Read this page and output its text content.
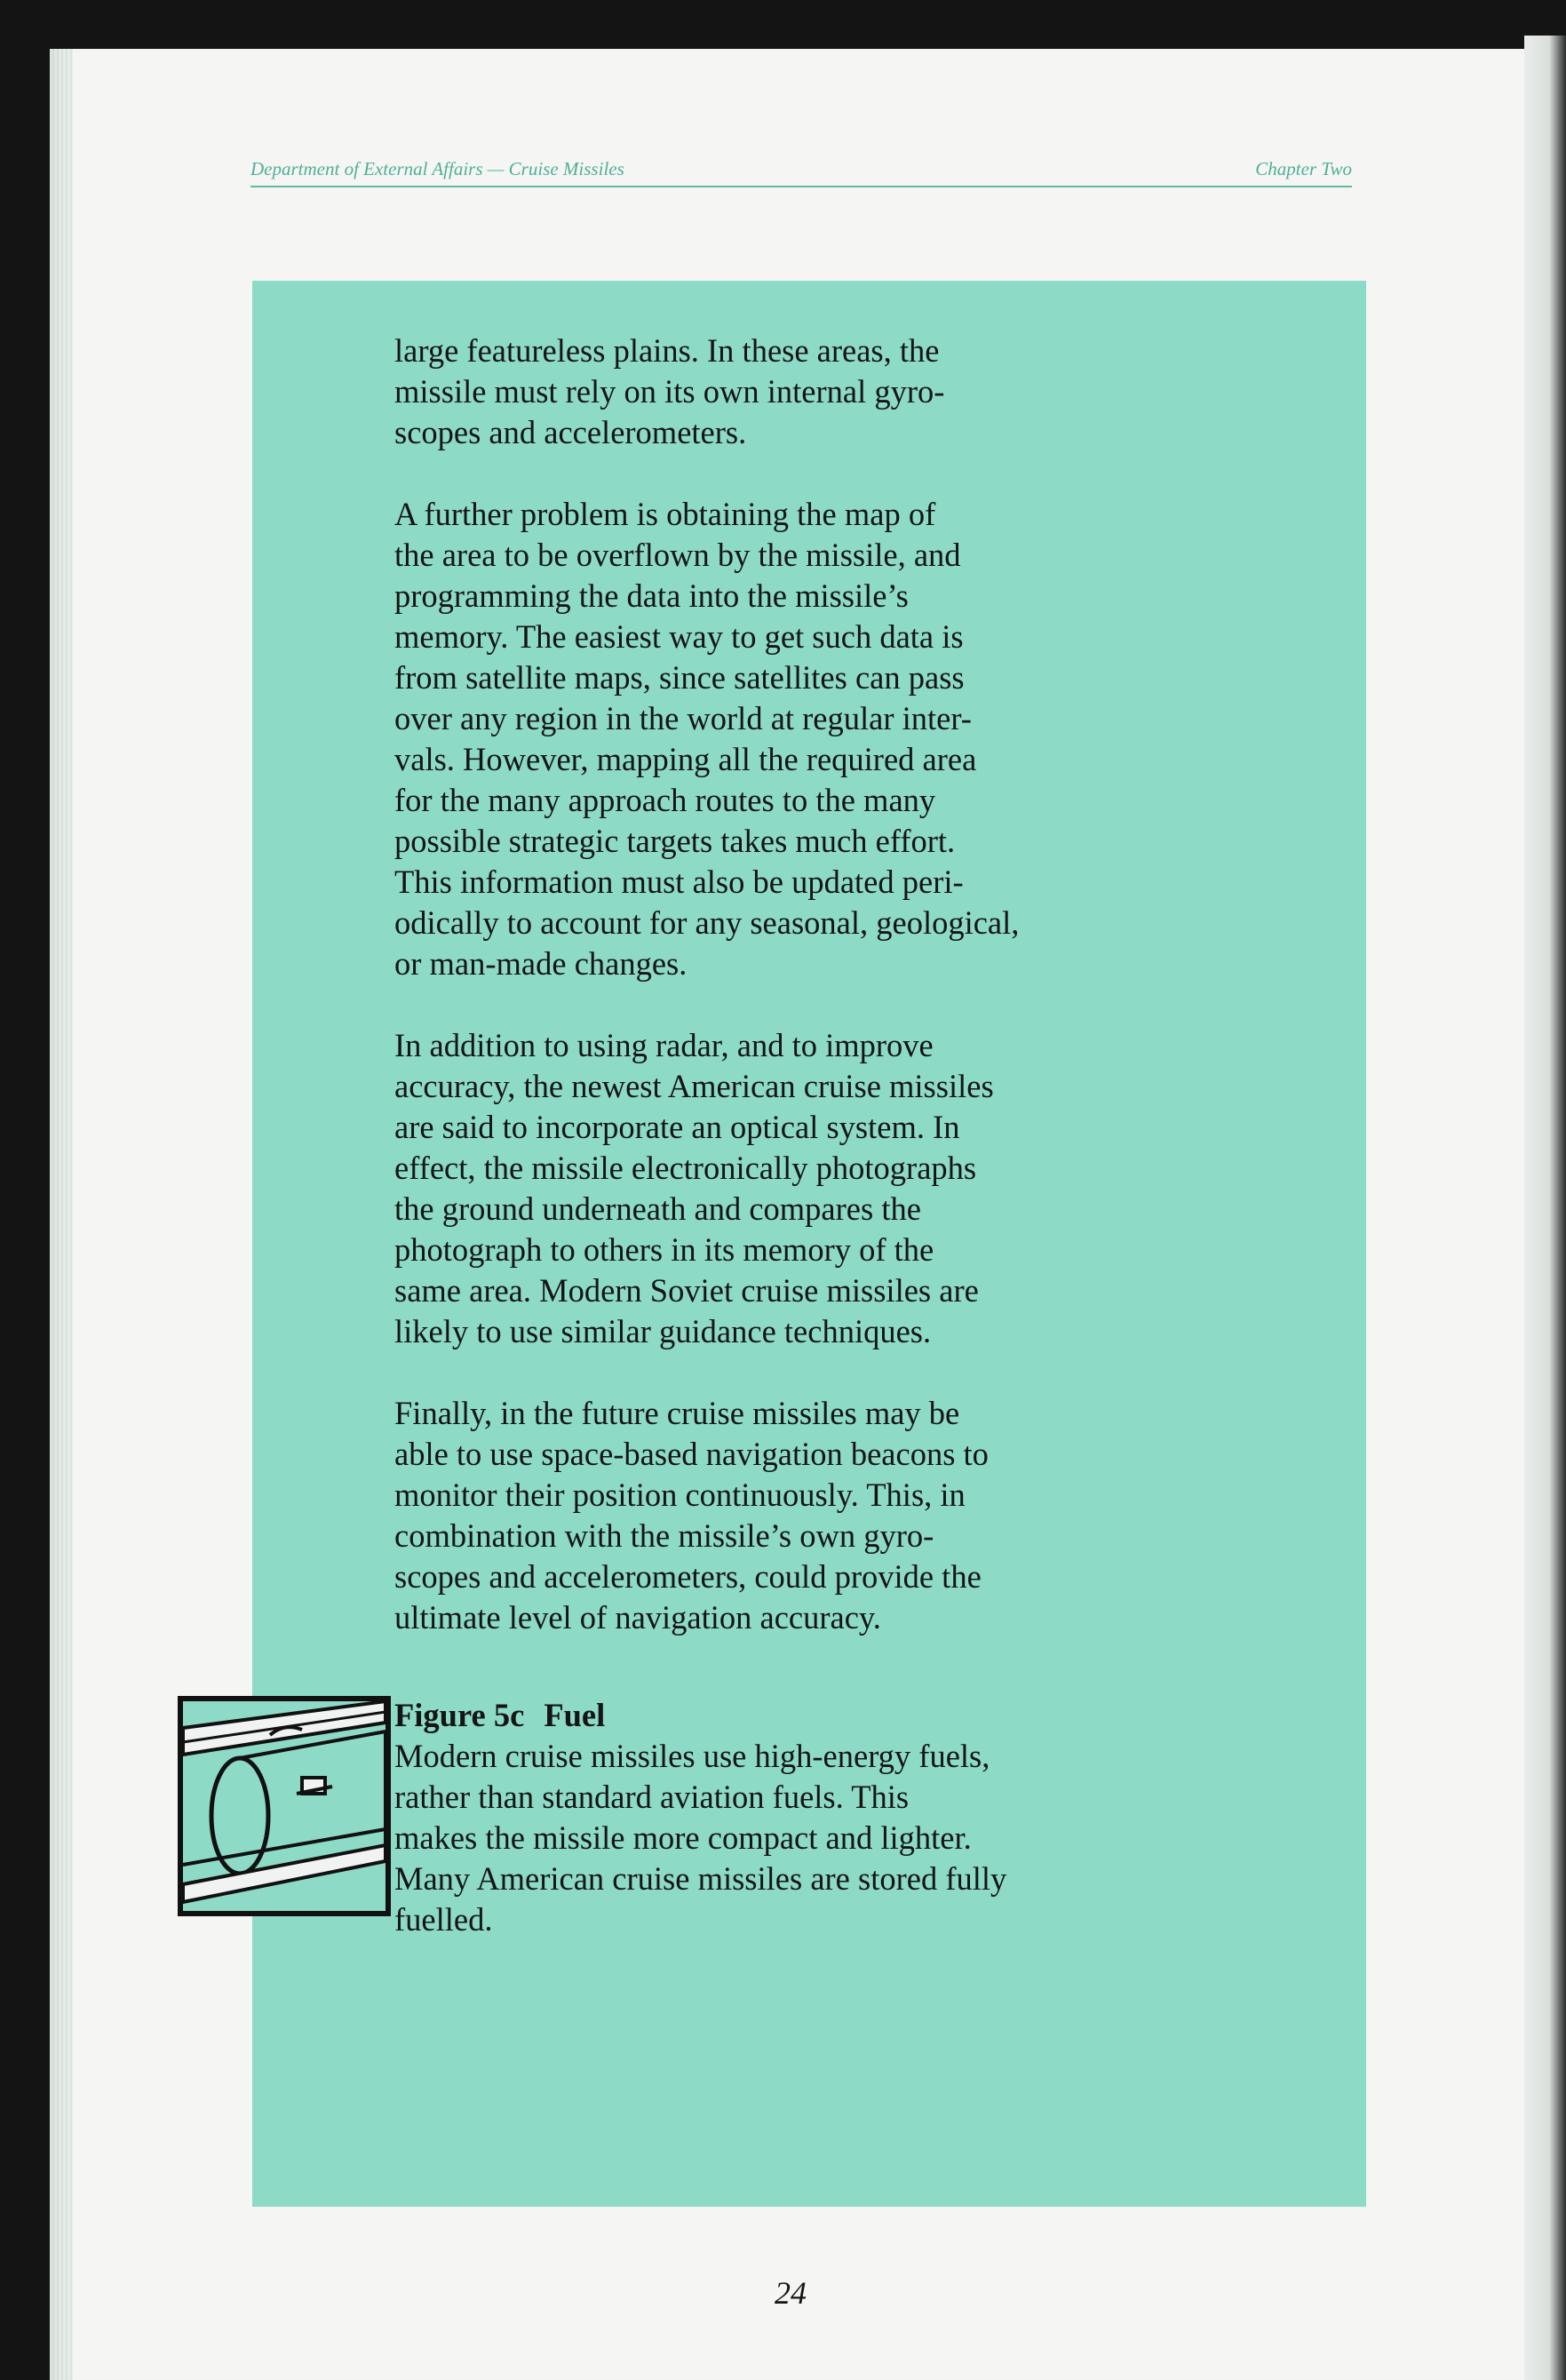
Department of External Affairs — Cruise Missiles	Chapter Two

large featureless plains. In these areas, the
missile must rely on its own internal gyro-
scopes and accelerometers.

A further problem is obtaining the map of
the area to be overflown by the missile, and
programming the data into the missile’s
memory. The easiest way to get such data is
from satellite maps, since satellites can pass
over any region in the world at regular inter-
vals. However, mapping all the required area
for the many approach routes to the many
possible strategic targets takes much effort.
This information must also be updated peri-
odically to account for any seasonal, geological,
or man-made changes.

In addition to using radar, and to improve
accuracy, the newest American cruise missiles
are said to incorporate an optical system. In
effect, the missile electronically photographs
the ground underneath and compares the
photograph to others in its memory of the
same area. Modern Soviet cruise missiles are
likely to use similar guidance techniques.

Finally, in the future cruise missiles may be
able to use space-based navigation beacons to
monitor their position continuously. This, in
combination with the missile’s own gyro-
scopes and accelerometers, could provide the
ultimate level of navigation accuracy.

Figure 5c Fuel

Modern cruise missiles use high-energy fuels,
rather than standard aviation fuels. This
makes the missile more compact and lighter.
Many American cruise missiles are stored fully
fuelled.

24
